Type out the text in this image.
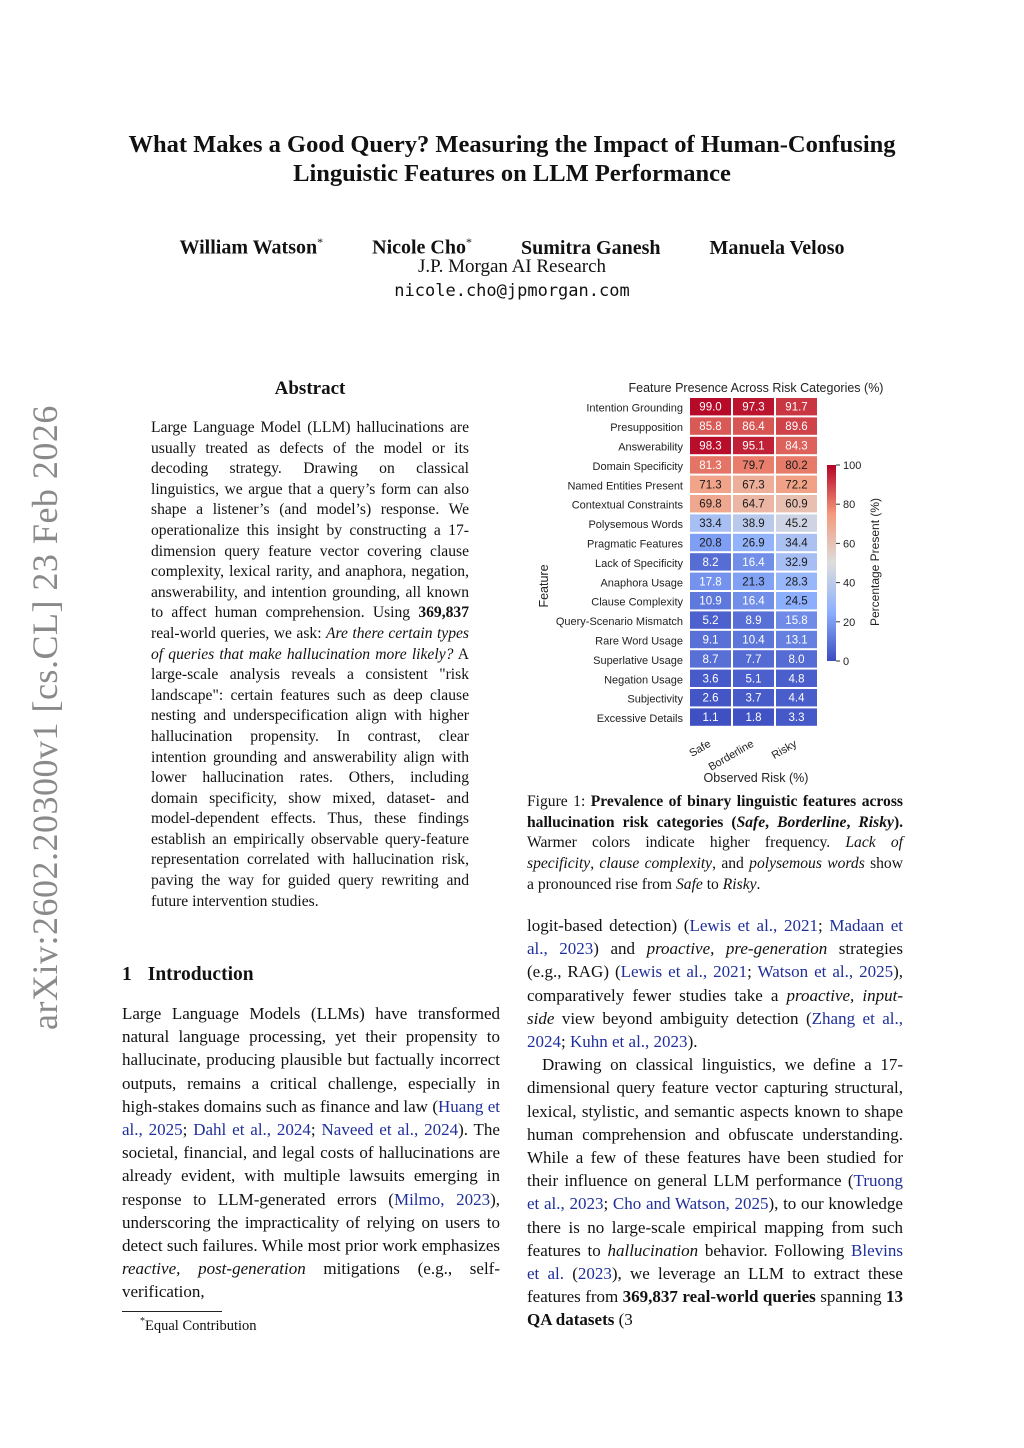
What Makes a Good Query? Measuring the Impact of Human-Confusing Linguistic Features on LLM Performance
William Watson* Nicole Cho* Sumitra Ganesh Manuela Veloso
J.P. Morgan AI Research
nicole.cho@jpmorgan.com
arXiv:2602.20300v1 [cs.CL] 23 Feb 2026
Abstract

Large Language Model (LLM) hallucinations are usually treated as defects of the model or its decoding strategy. Drawing on classical linguistics, we argue that a query’s form can also shape a listener’s (and model’s) response. We operationalize this insight by constructing a 17-dimension query feature vector covering clause complexity, lexical rarity, and anaphora, negation, answerability, and intention grounding, all known to affect human comprehension. Using 369,837 real-world queries, we ask: Are there certain types of queries that make hallucination more likely? A large-scale analysis reveals a consistent "risk landscape": certain features such as deep clause nesting and underspecification align with higher hallucination propensity. In contrast, clear intention grounding and answerability align with lower hallucination rates. Others, including domain specificity, show mixed, dataset- and model-dependent effects. Thus, these findings establish an empirically observable query-feature representation correlated with hallucination risk, paving the way for guided query rewriting and future intervention studies.

1 Introduction

Large Language Models (LLMs) have transformed natural language processing, yet their propensity to hallucinate, producing plausible but factually incorrect outputs, remains a critical challenge, especially in high-stakes domains such as finance and law (Huang et al., 2025; Dahl et al., 2024; Naveed et al., 2024). The societal, financial, and legal costs of hallucinations are already evident, with multiple lawsuits emerging in response to LLM-generated errors (Milmo, 2023), underscoring the impracticality of relying on users to detect such failures. While most prior work emphasizes reactive, post-generation mitigations (e.g., self-verification,

*Equal Contribution
Feature Presence Across Risk Categories (%)
Feature
Observed Risk (%)
Percentage Present (%)
99.0 97.3 91.7
85.8 86.4 89.6
98.3 95.1 84.3
81.3 79.7 80.2
71.3 67.3 72.2
69.8 64.7 60.9
33.4 38.9 45.2
20.8 26.9 34.4
8.2 16.4 32.9
17.8 21.3 28.3
10.9 16.4 24.5
5.2 8.9 15.8
9.1 10.4 13.1
8.7 7.7 8.0
3.6 5.1 4.8
2.6 3.7 4.4
1.1 1.8 3.3
Intention Grounding
Presupposition
Answerability
Domain Specificity
Named Entities Present
Contextual Constraints
Polysemous Words
Pragmatic Features
Lack of Specificity
Anaphora Usage
Clause Complexity
Query-Scenario Mismatch
Rare Word Usage
Superlative Usage
Negation Usage
Subjectivity
Excessive Details
Safe
Borderline Risky
0
20
40
60
80
100

Figure 1: Prevalence of binary linguistic features across hallucination risk categories (Safe, Borderline, Risky). Warmer colors indicate higher frequency. Lack of specificity, clause complexity, and polysemous words show a pronounced rise from Safe to Risky.

logit-based detection) (Lewis et al., 2021; Madaan et al., 2023) and proactive, pre-generation strategies (e.g., RAG) (Lewis et al., 2021; Watson et al., 2025), comparatively fewer studies take a proactive, input-side view beyond ambiguity detection (Zhang et al., 2024; Kuhn et al., 2023).

Drawing on classical linguistics, we define a 17-dimensional query feature vector capturing structural, lexical, stylistic, and semantic aspects known to shape human comprehension and obfuscate understanding. While a few of these features have been studied for their influence on general LLM performance (Truong et al., 2023; Cho and Watson, 2025), to our knowledge there is no large-scale empirical mapping from such features to hallucination behavior. Following Blevins et al. (2023), we leverage an LLM to extract these features from 369,837 real-world queries spanning 13 QA datasets (3
